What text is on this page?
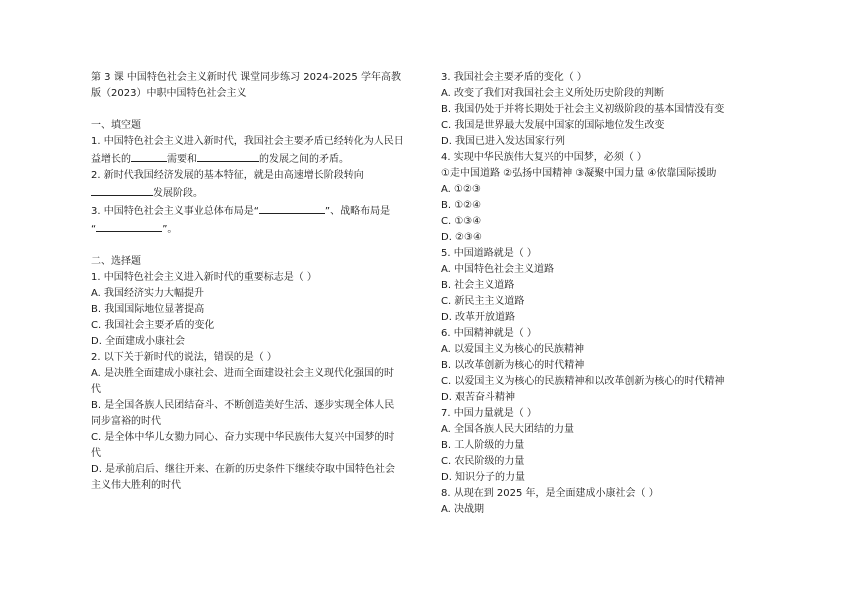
第 3 课 中国特色社会主义新时代 课堂同步练习 2024-2025 学年高教

版（2023）中职中国特色社会主义

一、填空题

1. 中国特色社会主义进入新时代，我国社会主要矛盾已经转化为人民日

益增长的	需要和	的发展之间的矛盾。

2. 新时代我国经济发展的基本特征，就是由高速增长阶段转向

发展阶段。

3. 中国特色社会主义事业总体布局是“	”、战略布局是

“	”。

二、选择题

1. 中国特色社会主义进入新时代的重要标志是（ ）

A. 我国经济实力大幅提升

B. 我国国际地位显著提高

C. 我国社会主要矛盾的变化

D. 全面建成小康社会

2. 以下关于新时代的说法，错误的是（ ）

A. 是决胜全面建成小康社会、进而全面建设社会主义现代化强国的时

代

B. 是全国各族人民团结奋斗、不断创造美好生活、逐步实现全体人民

同步富裕的时代

C. 是全体中华儿女勠力同心、奋力实现中华民族伟大复兴中国梦的时

代

D. 是承前启后、继往开来、在新的历史条件下继续夺取中国特色社会

主义伟大胜利的时代

3. 我国社会主要矛盾的变化（ ）

A. 改变了我们对我国社会主义所处历史阶段的判断

B. 我国仍处于并将长期处于社会主义初级阶段的基本国情没有变

C. 我国是世界最大发展中国家的国际地位发生改变

D. 我国已进入发达国家行列

4. 实现中华民族伟大复兴的中国梦，必须（ ）

①走中国道路 ②弘扬中国精神 ③凝聚中国力量 ④依靠国际援助

A. ①②③

B. ①②④

C. ①③④

D. ②③④

5. 中国道路就是（ ）

A. 中国特色社会主义道路

B. 社会主义道路

C. 新民主主义道路

D. 改革开放道路

6. 中国精神就是（ ）

A. 以爱国主义为核心的民族精神

B. 以改革创新为核心的时代精神

C. 以爱国主义为核心的民族精神和以改革创新为核心的时代精神

D. 艰苦奋斗精神

7. 中国力量就是（ ）

A. 全国各族人民大团结的力量

B. 工人阶级的力量

C. 农民阶级的力量

D. 知识分子的力量

8. 从现在到 2025 年，是全面建成小康社会（ ）

A. 决战期
